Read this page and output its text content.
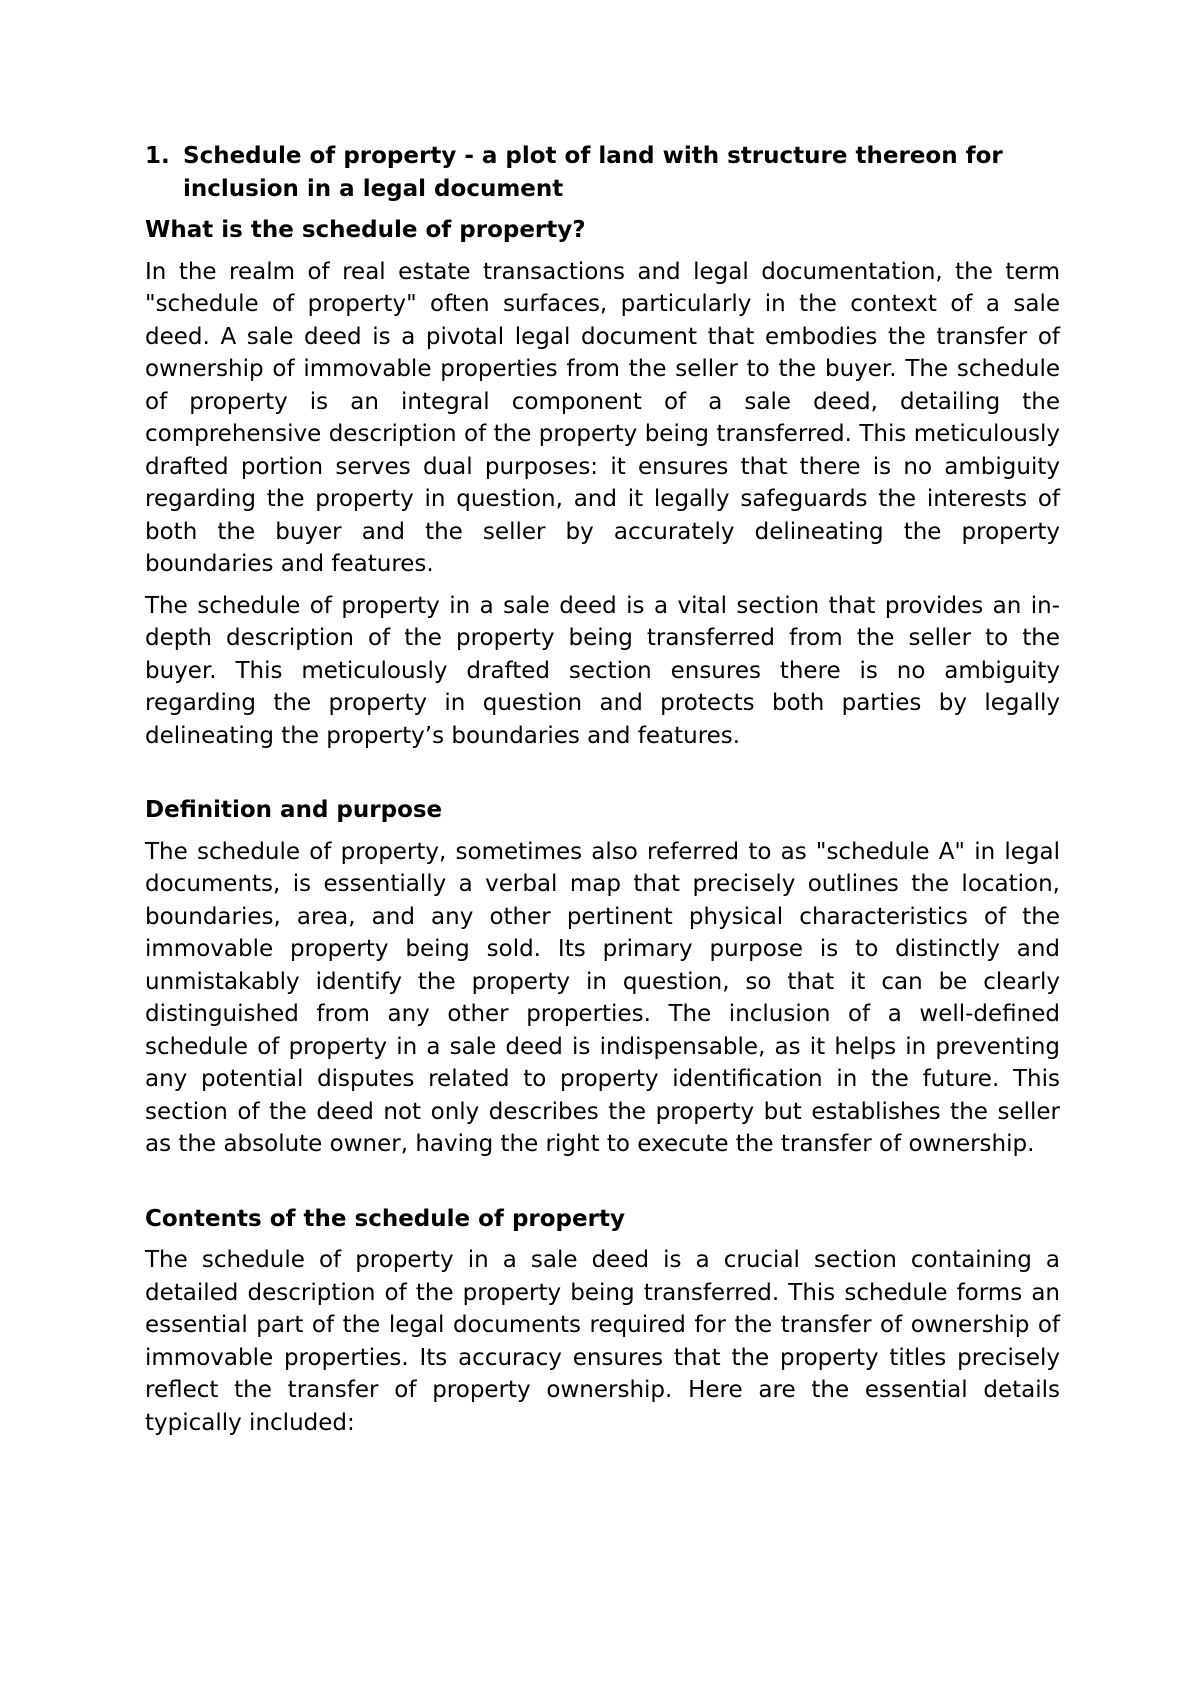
1. Schedule of property - a plot of land with structure thereon for inclusion in a legal document
What is the schedule of property?

In the realm of real estate transactions and legal documentation, the term "schedule of property" often surfaces, particularly in the context of a sale deed. A sale deed is a pivotal legal document that embodies the transfer of ownership of immovable properties from the seller to the buyer. The schedule of property is an integral component of a sale deed, detailing the comprehensive description of the property being transferred. This meticulously drafted portion serves dual purposes: it ensures that there is no ambiguity regarding the property in question, and it legally safeguards the interests of both the buyer and the seller by accurately delineating the property boundaries and features.

The schedule of property in a sale deed is a vital section that provides an in-depth description of the property being transferred from the seller to the buyer. This meticulously drafted section ensures there is no ambiguity regarding the property in question and protects both parties by legally delineating the property’s boundaries and features.

Definition and purpose

The schedule of property, sometimes also referred to as "schedule A" in legal documents, is essentially a verbal map that precisely outlines the location, boundaries, area, and any other pertinent physical characteristics of the immovable property being sold. Its primary purpose is to distinctly and unmistakably identify the property in question, so that it can be clearly distinguished from any other properties. The inclusion of a well-defined schedule of property in a sale deed is indispensable, as it helps in preventing any potential disputes related to property identification in the future. This section of the deed not only describes the property but establishes the seller as the absolute owner, having the right to execute the transfer of ownership.

Contents of the schedule of property

The schedule of property in a sale deed is a crucial section containing a detailed description of the property being transferred. This schedule forms an essential part of the legal documents required for the transfer of ownership of immovable properties. Its accuracy ensures that the property titles precisely reflect the transfer of property ownership. Here are the essential details typically included:
